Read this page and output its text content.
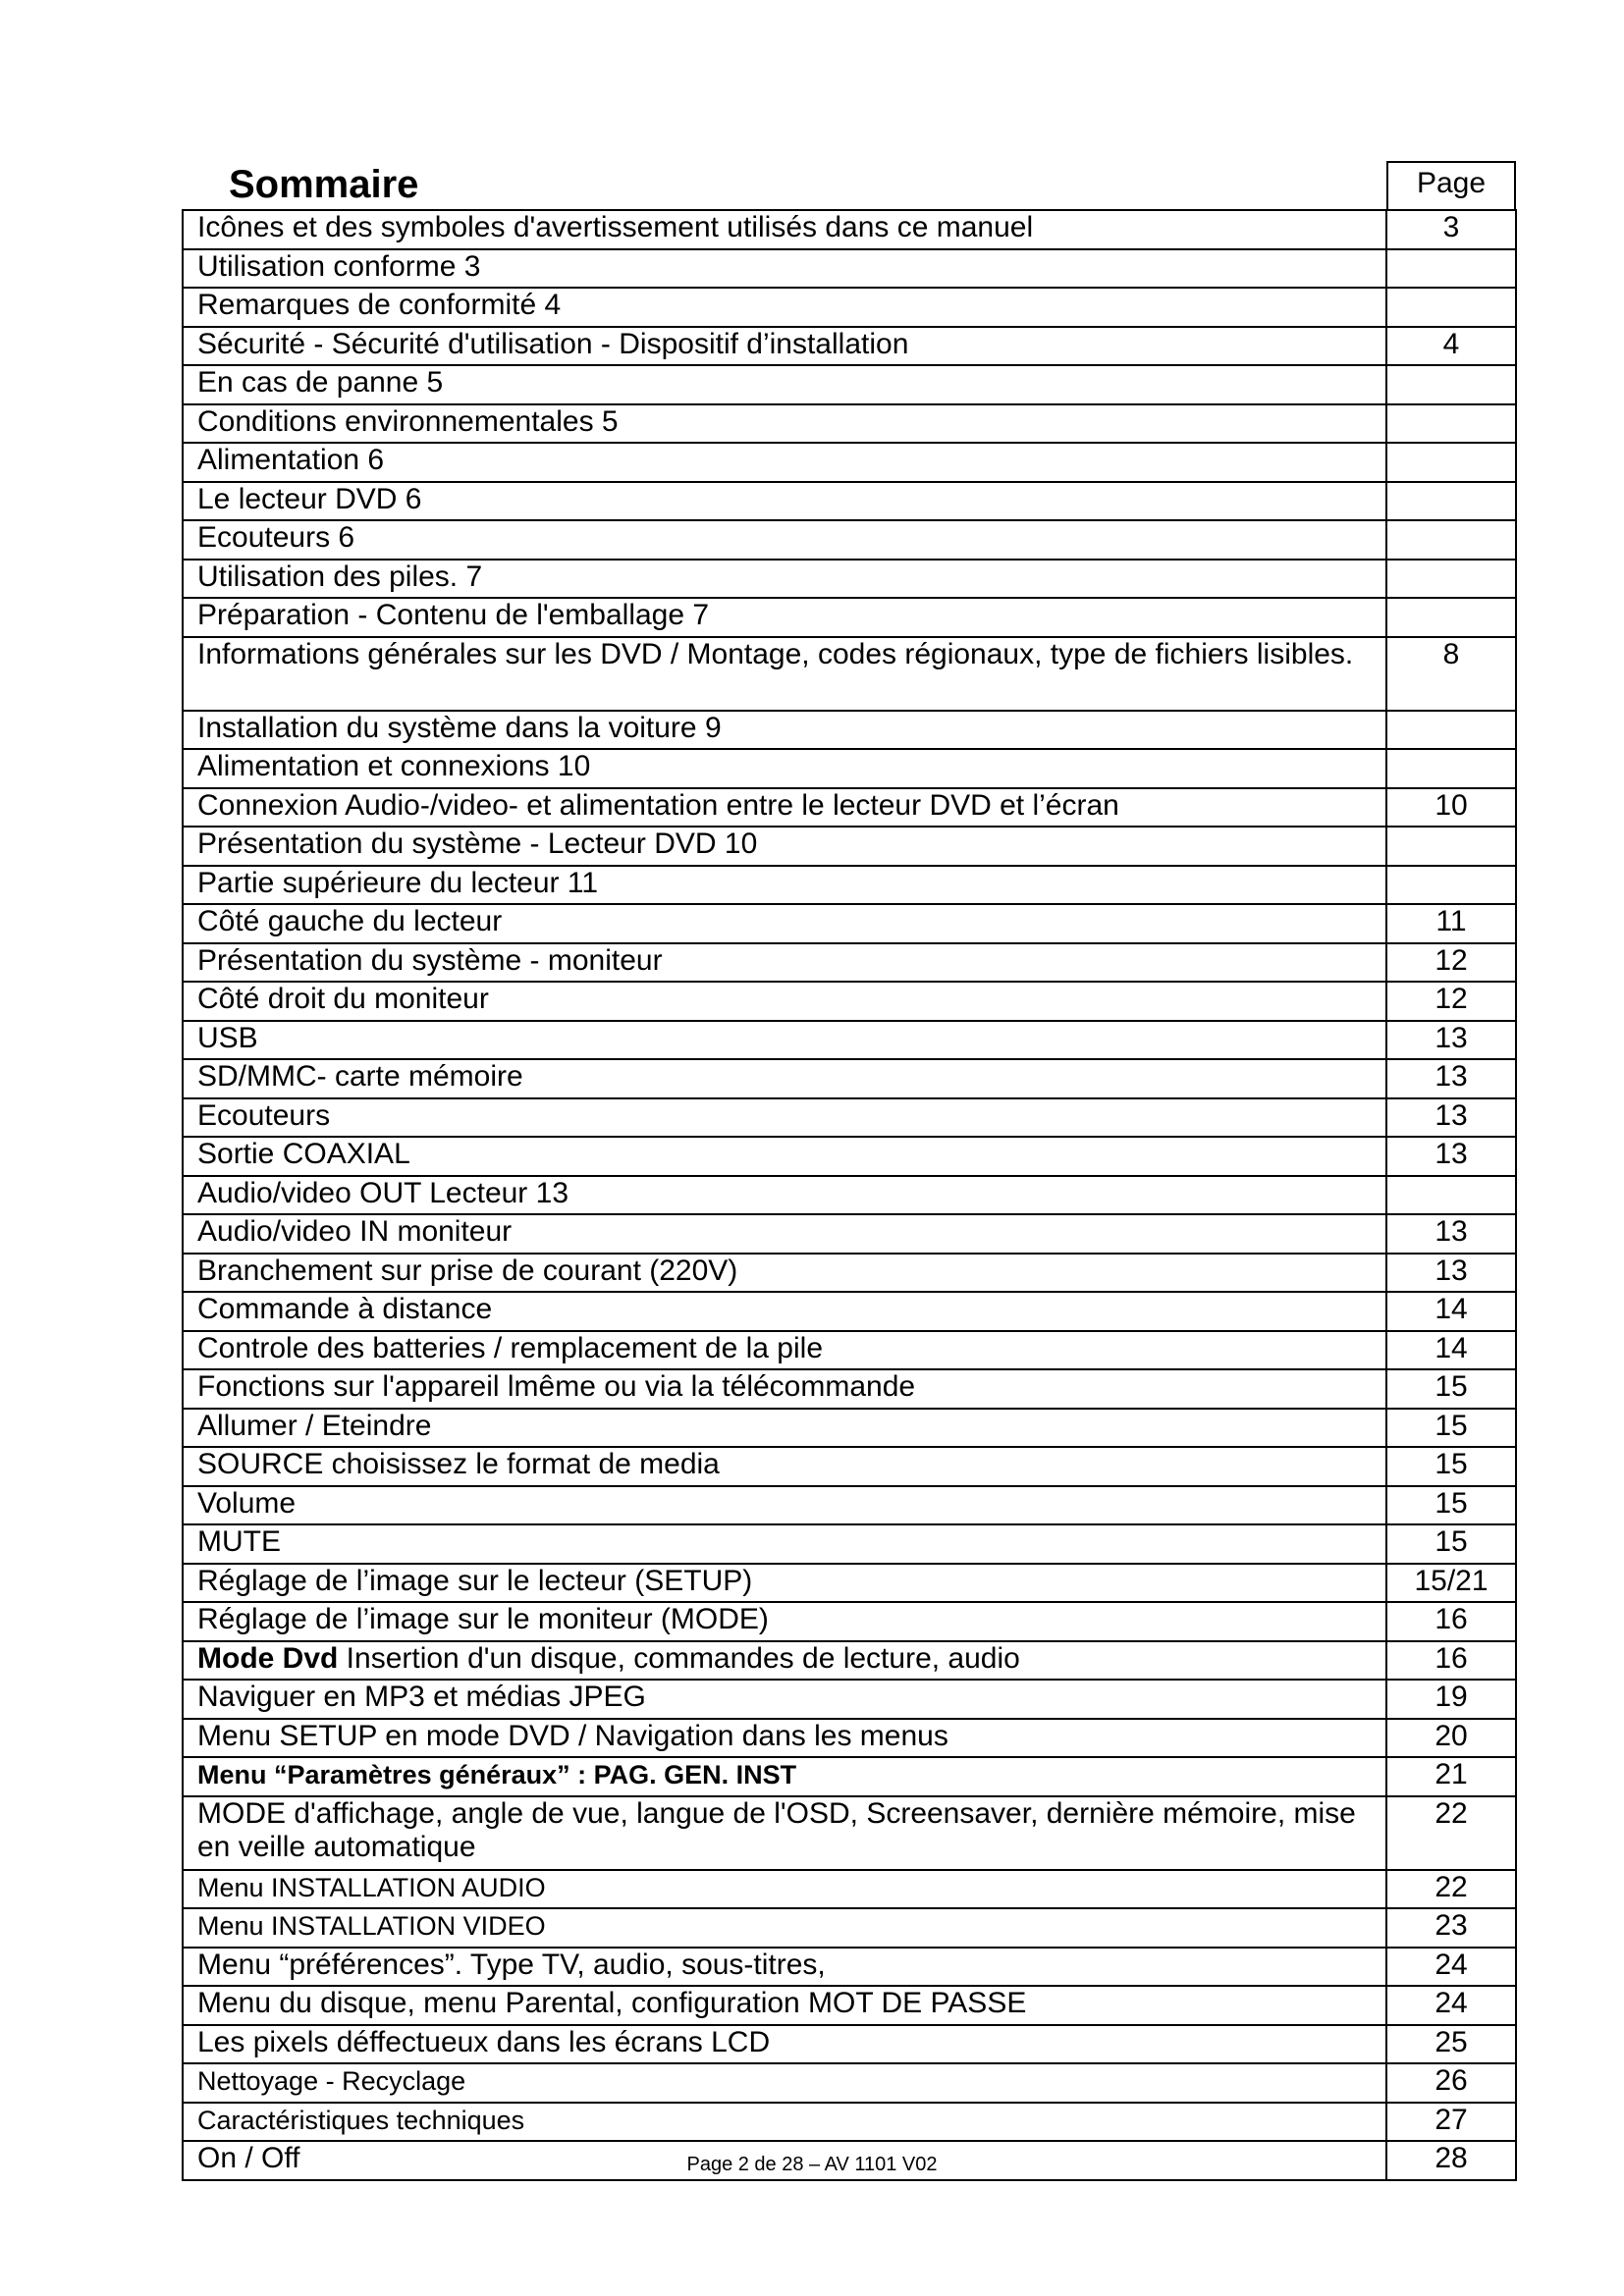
Sommaire	Page
Icônes et des symboles d'avertissement utilisés dans ce manuel	3
Utilisation conforme 3	
Remarques de conformité 4	
Sécurité - Sécurité d'utilisation - Dispositif d’installation	4
En cas de panne 5	
Conditions environnementales 5	
Alimentation 6	
Le lecteur DVD 6	
Ecouteurs 6	
Utilisation des piles. 7	
Préparation - Contenu de l'emballage 7	
Informations générales sur les DVD / Montage, codes régionaux, type de fichiers lisibles.	8
Installation du système dans la voiture 9	
Alimentation et connexions 10	
Connexion Audio-/video- et alimentation entre le lecteur DVD et l’écran	10
Présentation du système - Lecteur DVD 10	
Partie supérieure du lecteur 11	
Côté gauche du lecteur	11
Présentation du système - moniteur	12
Côté droit du moniteur	12
USB	13
SD/MMC- carte mémoire	13
Ecouteurs	13
Sortie COAXIAL	13
Audio/video OUT Lecteur 13	
Audio/video IN moniteur	13
Branchement sur prise de courant (220V)	13
Commande à distance	14
Controle des batteries / remplacement de la pile	14
Fonctions sur l'appareil lmême ou via la télécommande	15
Allumer / Eteindre	15
SOURCE choisissez le format de media	15
Volume	15
MUTE	15
Réglage de l’image sur le lecteur (SETUP)	15/21
Réglage de l’image sur le moniteur (MODE)	16
Mode Dvd Insertion d'un disque, commandes de lecture, audio	16
Naviguer en MP3 et médias JPEG	19
Menu SETUP en mode DVD / Navigation dans les menus	20
Menu “Paramètres généraux” : PAG. GEN. INST	21
MODE d'affichage, angle de vue, langue de l'OSD, Screensaver, dernière mémoire, mise en veille automatique	22
Menu INSTALLATION AUDIO	22
Menu INSTALLATION VIDEO	23
Menu “préférences”. Type TV, audio, sous-titres,	24
Menu du disque, menu Parental, configuration MOT DE PASSE	24
Les pixels déffectueux dans les écrans LCD	25
Nettoyage - Recyclage	26
Caractéristiques techniques	27
On / Off	28
Page 2 de 28 – AV 1101 V02
